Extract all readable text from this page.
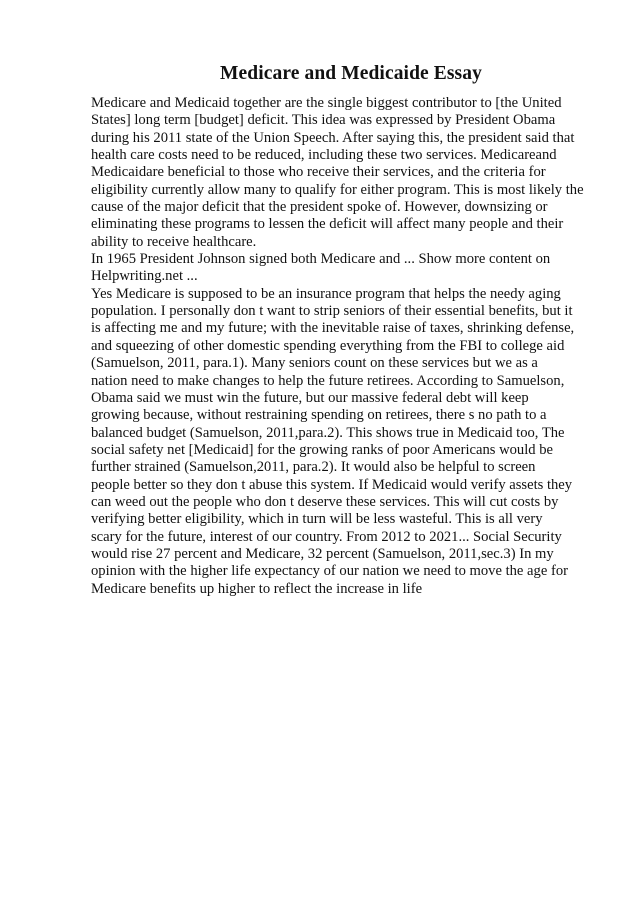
Medicare and Medicaide Essay

Medicare and Medicaid together are the single biggest contributor to [the United
States] long term [budget] deficit. This idea was expressed by President Obama
during his 2011 state of the Union Speech. After saying this, the president said that
health care costs need to be reduced, including these two services. Medicareand
Medicaidare beneficial to those who receive their services, and the criteria for
eligibility currently allow many to qualify for either program. This is most likely the
cause of the major deficit that the president spoke of. However, downsizing or
eliminating these programs to lessen the deficit will affect many people and their
ability to receive healthcare.

In 1965 President Johnson signed both Medicare and ... Show more content on
Helpwriting.net ...

Yes Medicare is supposed to be an insurance program that helps the needy aging
population. I personally don t want to strip seniors of their essential benefits, but it
is affecting me and my future; with the inevitable raise of taxes, shrinking defense,
and squeezing of other domestic spending everything from the FBI to college aid
(Samuelson, 2011, para.1). Many seniors count on these services but we as a
nation need to make changes to help the future retirees. According to Samuelson,
Obama said we must win the future, but our massive federal debt will keep
growing because, without restraining spending on retirees, there s no path to a
balanced budget (Samuelson, 2011,para.2). This shows true in Medicaid too, The
social safety net [Medicaid] for the growing ranks of poor Americans would be
further strained (Samuelson,2011, para.2). It would also be helpful to screen
people better so they don t abuse this system. If Medicaid would verify assets they
can weed out the people who don t deserve these services. This will cut costs by
verifying better eligibility, which in turn will be less wasteful. This is all very
scary for the future, interest of our country. From 2012 to 2021... Social Security
would rise 27 percent and Medicare, 32 percent (Samuelson, 2011,sec.3) In my
opinion with the higher life expectancy of our nation we need to move the age for
Medicare benefits up higher to reflect the increase in life
